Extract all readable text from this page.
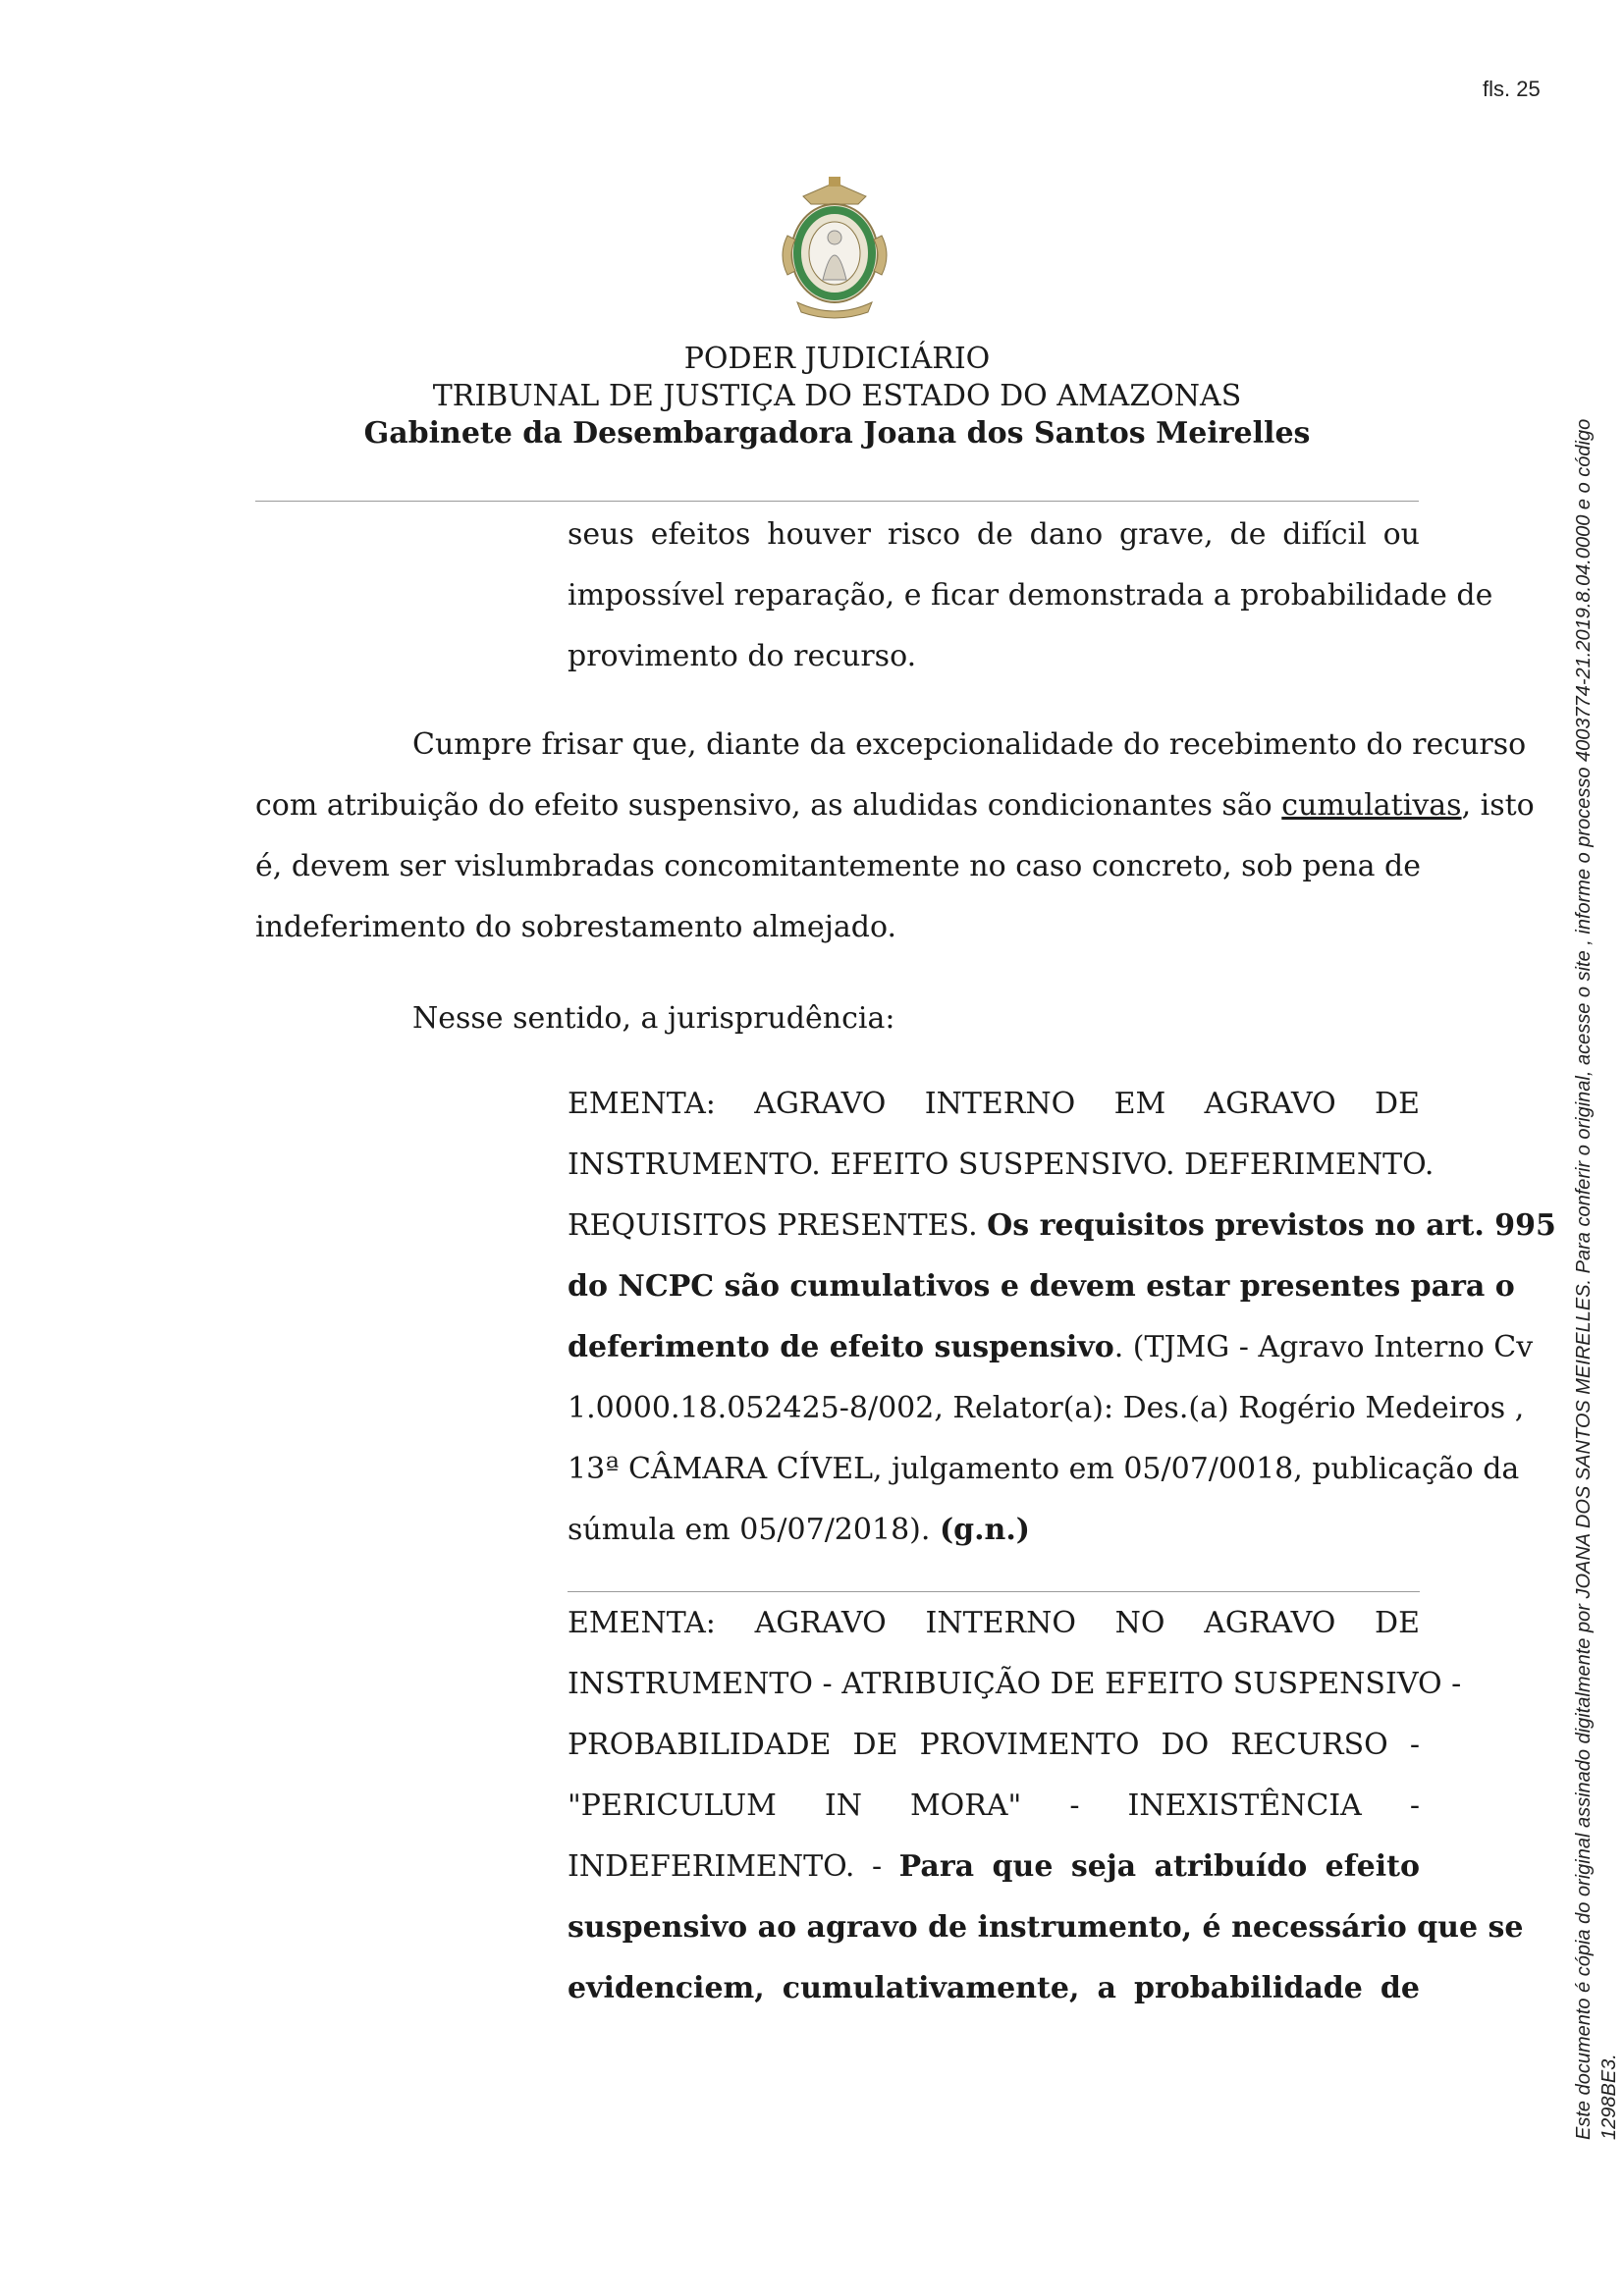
fls. 25
PODER JUDICIÁRIO
TRIBUNAL DE JUSTIÇA DO ESTADO DO AMAZONAS
Gabinete da Desembargadora Joana dos Santos Meirelles
seus efeitos houver risco de dano grave, de difícil ou
impossível reparação, e ficar demonstrada a probabilidade de
provimento do recurso.
Cumpre frisar que, diante da excepcionalidade do recebimento do recurso
com atribuição do efeito suspensivo, as aludidas condicionantes são cumulativas, isto
é, devem ser vislumbradas concomitantemente no caso concreto, sob pena de
indeferimento do sobrestamento almejado.
Nesse sentido, a jurisprudência:
EMENTA: AGRAVO INTERNO EM AGRAVO DE
INSTRUMENTO. EFEITO SUSPENSIVO. DEFERIMENTO.
REQUISITOS PRESENTES. Os requisitos previstos no art. 995
do NCPC são cumulativos e devem estar presentes para o
deferimento de efeito suspensivo. (TJMG - Agravo Interno Cv
1.0000.18.052425-8/002, Relator(a): Des.(a) Rogério Medeiros ,
13ª CÂMARA CÍVEL, julgamento em 05/07/0018, publicação da
súmula em 05/07/2018). (g.n.)
EMENTA: AGRAVO INTERNO NO AGRAVO DE
INSTRUMENTO - ATRIBUIÇÃO DE EFEITO SUSPENSIVO -
PROBABILIDADE DE PROVIMENTO DO RECURSO -
"PERICULUM IN MORA" - INEXISTÊNCIA -
INDEFERIMENTO. - Para que seja atribuído efeito
suspensivo ao agravo de instrumento, é necessário que se
evidenciem, cumulativamente, a probabilidade de	Este documento é cópia do original assinado digitalmente por JOANA DOS SANTOS MEIRELLES. Para conferir o original, acesse o site , informe o processo 4003774-21.2019.8.04.0000 e o código 1298BE3.
